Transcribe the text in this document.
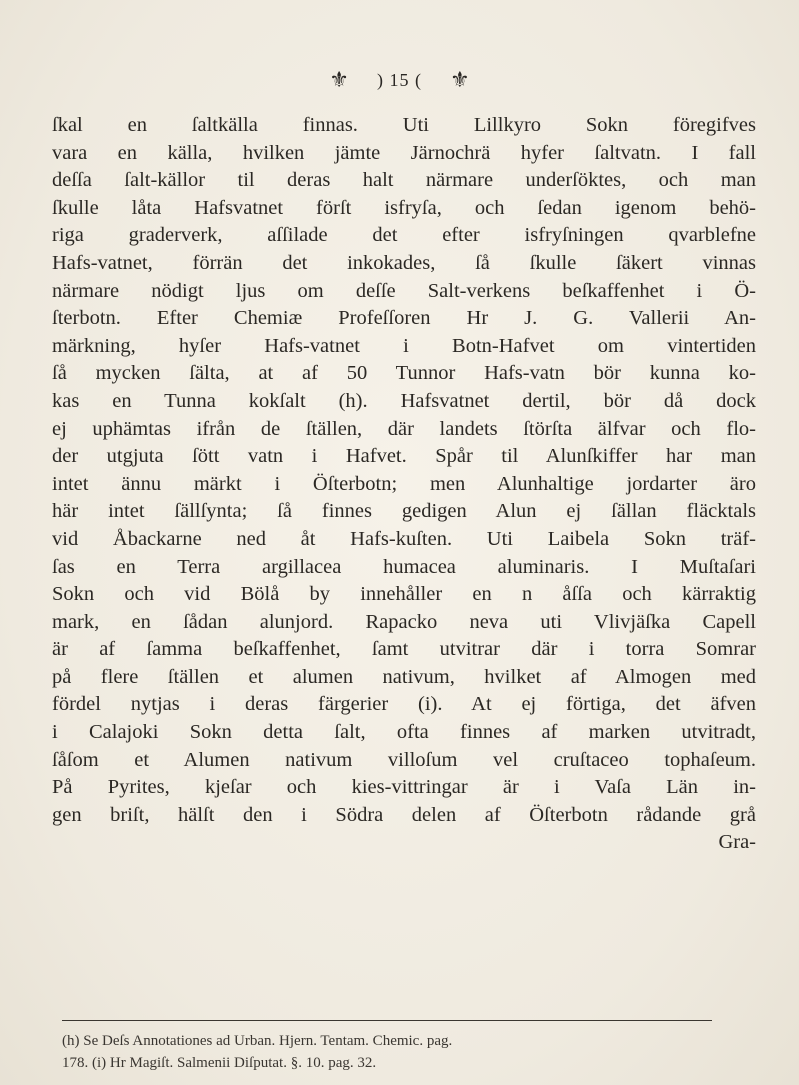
⚜ ) 15 ( ⚜
ſkal en ſaltkälla finnas. Uti Lillkyro Sokn föregifves
vara en källa, hvilken jämte Järnochrä hyfer ſaltvatn. I fall
deſſa ſalt-källor til deras halt närmare underſöktes, och man
ſkulle låta Hafsvatnet förſt isfryſa, och ſedan igenom behö-
riga graderverk, aſſilade det efter isfryſningen qvarblefne
Hafs-vatnet, förrän det inkokades, ſå ſkulle ſäkert vinnas
närmare nödigt ljus om deſſe Salt-verkens beſkaffenhet i Ö-
ſterbotn. Efter Chemiæ Profeſſoren Hr J. G. Vallerii An-
märkning, hyſer Hafs-vatnet i Botn-Hafvet om vintertiden
ſå mycken ſälta, at af 50 Tunnor Hafs-vatn bör kunna ko-
kas en Tunna kokſalt (h). Hafsvatnet dertil, bör då dock
ej uphämtas ifrån de ſtällen, där landets ſtörſta älfvar och flo-
der utgjuta ſött vatn i Hafvet. Spår til Alunſkiffer har man
intet ännu märkt i Öſterbotn; men Alunhaltige jordarter äro
här intet ſällſynta; ſå finnes gedigen Alun ej ſällan fläcktals
vid Åbackarne ned åt Hafs-kuſten. Uti Laibela Sokn träf-
ſas en Terra argillacea humacea aluminaris. I Muſtaſari
Sokn och vid Bölå by innehåller en n åſſa och kärraktig
mark, en ſådan alunjord. Rapacko neva uti Vlivjäſka Capell
är af ſamma beſkaffenhet, ſamt utvitrar där i torra Somrar
på flere ſtällen et alumen nativum, hvilket af Almogen med
fördel nytjas i deras färgerier (i). At ej förtiga, det äfven
i Calajoki Sokn detta ſalt, ofta finnes af marken utvitradt,
ſåſom et Alumen nativum villoſum vel cruſtaceo tophaſeum.
På Pyrites, kjeſar och kies-vittringar är i Vaſa Län in-
gen briſt, hälſt den i Södra delen af Öſterbotn rådande grå
Gra-
(h) Se Deſs Annotationes ad Urban. Hjern. Tentam. Chemic. pag.
178. (i) Hr Magiſt. Salmenii Diſputat. §. 10. pag. 32.
